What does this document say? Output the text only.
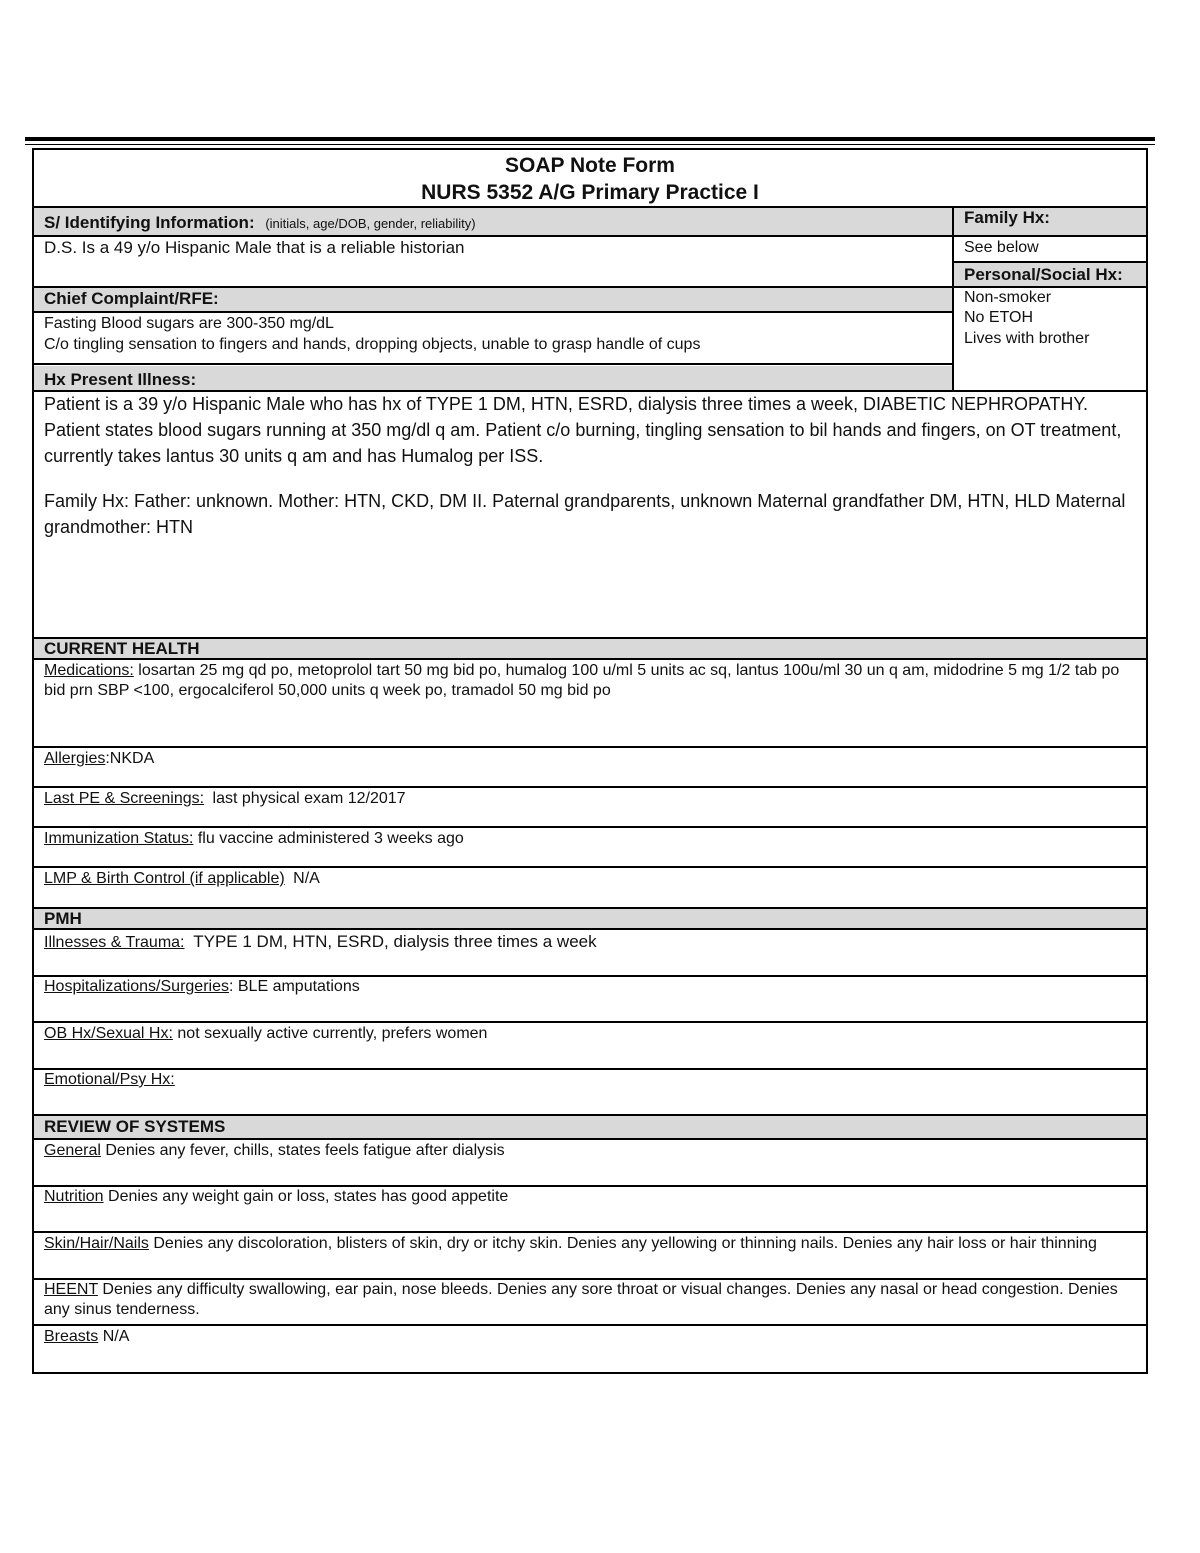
SOAP Note Form
NURS 5352 A/G Primary Practice I
S/ Identifying Information: (initials, age/DOB, gender, reliability)
D.S. Is a 49 y/o Hispanic Male that is a reliable historian
Family Hx:
See below
Personal/Social Hx:
Non-smoker
No ETOH
Lives with brother
Chief Complaint/RFE:
Fasting Blood sugars are 300-350 mg/dL
C/o tingling sensation to fingers and hands, dropping objects, unable to grasp handle of cups
Hx Present Illness:
Patient is a 39 y/o Hispanic Male who has hx of TYPE 1 DM, HTN, ESRD, dialysis three times a week, DIABETIC NEPHROPATHY. Patient states blood sugars running at 350 mg/dl q am. Patient c/o burning, tingling sensation to bil hands and fingers, on OT treatment, currently takes lantus 30 units q am and has Humalog per ISS.
Family Hx: Father: unknown. Mother: HTN, CKD, DM II. Paternal grandparents, unknown Maternal grandfather DM, HTN, HLD Maternal grandmother: HTN
CURRENT HEALTH
Medications: losartan 25 mg qd po, metoprolol tart 50 mg bid po, humalog 100 u/ml 5 units ac sq, lantus 100u/ml 30 un q am, midodrine 5 mg 1/2 tab po bid prn SBP <100, ergocalciferol 50,000 units q week po, tramadol 50 mg bid po
Allergies:NKDA
Last PE & Screenings: last physical exam 12/2017
Immunization Status: flu vaccine administered 3 weeks ago
LMP & Birth Control (if applicable) N/A
PMH
Illnesses & Trauma: TYPE 1 DM, HTN, ESRD, dialysis three times a week
Hospitalizations/Surgeries: BLE amputations
OB Hx/Sexual Hx: not sexually active currently, prefers women
Emotional/Psy Hx:
REVIEW OF SYSTEMS
General Denies any fever, chills, states feels fatigue after dialysis
Nutrition Denies any weight gain or loss, states has good appetite
Skin/Hair/Nails Denies any discoloration, blisters of skin, dry or itchy skin. Denies any yellowing or thinning nails. Denies any hair loss or hair thinning
HEENT Denies any difficulty swallowing, ear pain, nose bleeds. Denies any sore throat or visual changes. Denies any nasal or head congestion. Denies any sinus tenderness.
Breasts N/A
